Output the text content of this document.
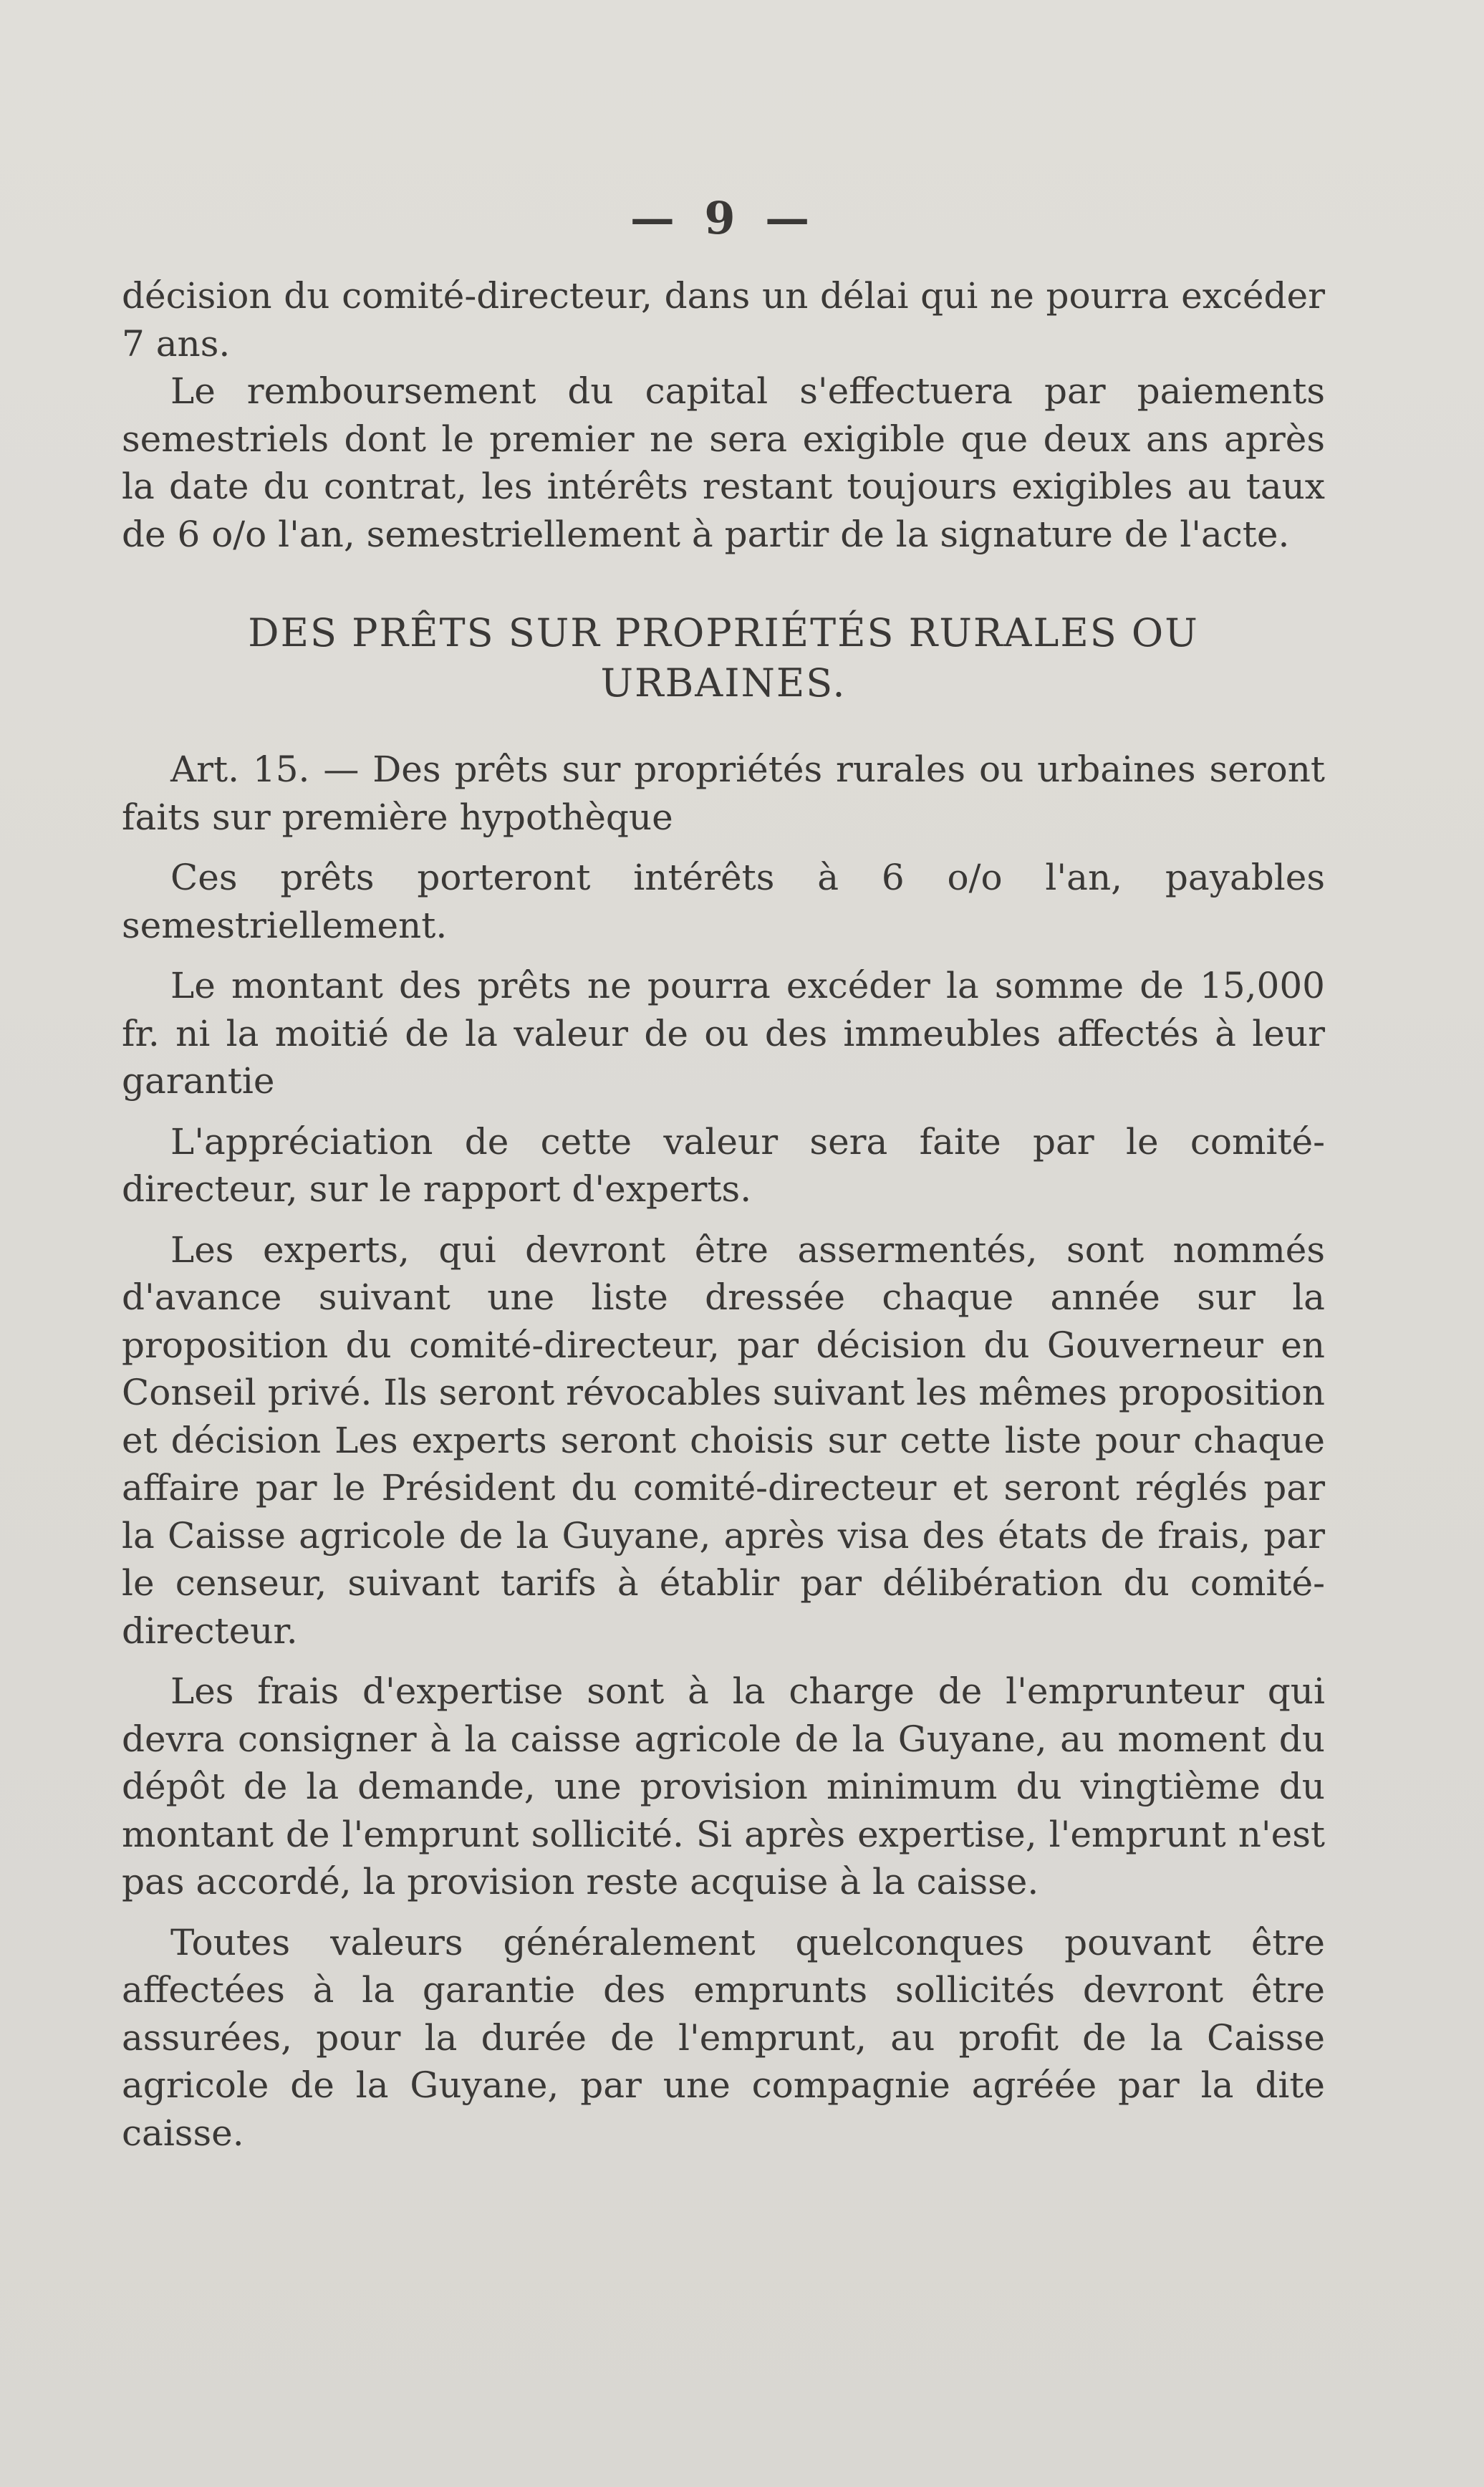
— 9 —

décision du comité-directeur, dans un délai qui ne pourra excéder 7 ans.

Le remboursement du capital s'effectuera par paiements semestriels dont le premier ne sera exigible que deux ans après la date du contrat, les intérêts restant toujours exigibles au taux de 6 o/o l'an, semestriellement à partir de la signature de l'acte.

DES PRÊTS SUR PROPRIÉTÉS RURALES OU URBAINES.

Art. 15. — Des prêts sur propriétés rurales ou urbaines seront faits sur première hypothèque

Ces prêts porteront intérêts à 6 o/o l'an, payables semestriellement.

Le montant des prêts ne pourra excéder la somme de 15,000 fr. ni la moitié de la valeur de ou des immeubles affectés à leur garantie

L'appréciation de cette valeur sera faite par le comité-directeur, sur le rapport d'experts.

Les experts, qui devront être assermentés, sont nommés d'avance suivant une liste dressée chaque année sur la proposition du comité-directeur, par décision du Gouverneur en Conseil privé. Ils seront révocables suivant les mêmes proposition et décision Les experts seront choisis sur cette liste pour chaque affaire par le Président du comité-directeur et seront réglés par la Caisse agricole de la Guyane, après visa des états de frais, par le censeur, suivant tarifs à établir par délibération du comité-directeur.

Les frais d'expertise sont à la charge de l'emprunteur qui devra consigner à la caisse agricole de la Guyane, au moment du dépôt de la demande, une provision minimum du vingtième du montant de l'emprunt sollicité. Si après expertise, l'emprunt n'est pas accordé, la provision reste acquise à la caisse.

Toutes valeurs généralement quelconques pouvant être affectées à la garantie des emprunts sollicités devront être assurées, pour la durée de l'emprunt, au profit de la Caisse agricole de la Guyane, par une compagnie agréée par la dite caisse.
